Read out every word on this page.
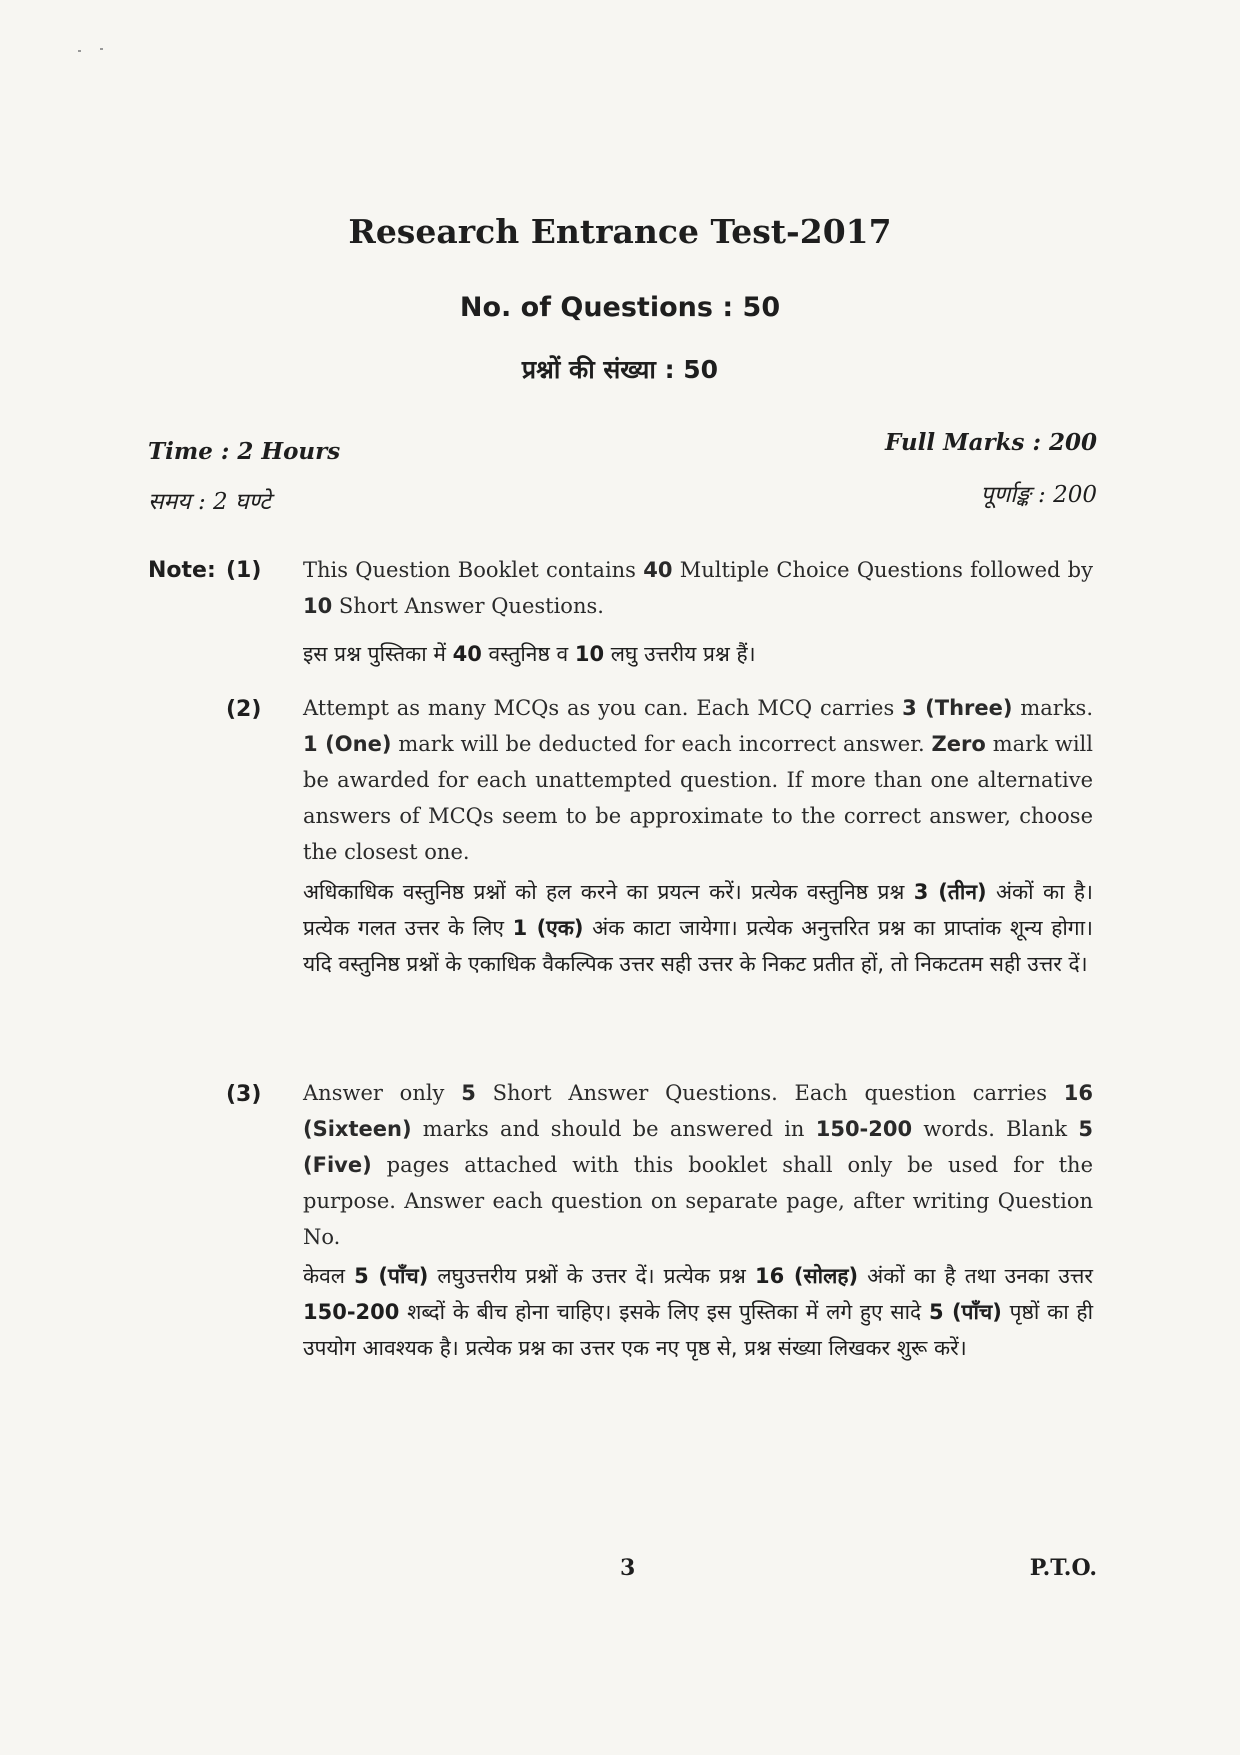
Research Entrance Test-2017
No. of Questions : 50
प्रश्नों की संख्या : 50
Time : 2 Hours
समय : 2 घण्टे
Full Marks : 200
पूर्णाङ्क : 200
Note: (1) This Question Booklet contains 40 Multiple Choice Questions followed by 10 Short Answer Questions.
इस प्रश्न पुस्तिका में 40 वस्तुनिष्ठ व 10 लघु उत्तरीय प्रश्न हैं।
(2) Attempt as many MCQs as you can. Each MCQ carries 3 (Three) marks. 1 (One) mark will be deducted for each incorrect answer. Zero mark will be awarded for each unattempted question. If more than one alternative answers of MCQs seem to be approximate to the correct answer, choose the closest one.
अधिकाधिक वस्तुनिष्ठ प्रश्नों को हल करने का प्रयत्न करें। प्रत्येक वस्तुनिष्ठ प्रश्न 3 (तीन) अंकों का है। प्रत्येक गलत उत्तर के लिए 1 (एक) अंक काटा जायेगा। प्रत्येक अनुत्तरित प्रश्न का प्राप्तांक शून्य होगा। यदि वस्तुनिष्ठ प्रश्नों के एकाधिक वैकल्पिक उत्तर सही उत्तर के निकट प्रतीत हों, तो निकटतम सही उत्तर दें।
(3) Answer only 5 Short Answer Questions. Each question carries 16 (Sixteen) marks and should be answered in 150-200 words. Blank 5 (Five) pages attached with this booklet shall only be used for the purpose. Answer each question on separate page, after writing Question No.
केवल 5 (पाँच) लघुउत्तरीय प्रश्नों के उत्तर दें। प्रत्येक प्रश्न 16 (सोलह) अंकों का है तथा उनका उत्तर 150-200 शब्दों के बीच होना चाहिए। इसके लिए इस पुस्तिका में लगे हुए सादे 5 (पाँच) पृष्ठों का ही उपयोग आवश्यक है। प्रत्येक प्रश्न का उत्तर एक नए पृष्ठ से, प्रश्न संख्या लिखकर शुरू करें।
3	P.T.O.
